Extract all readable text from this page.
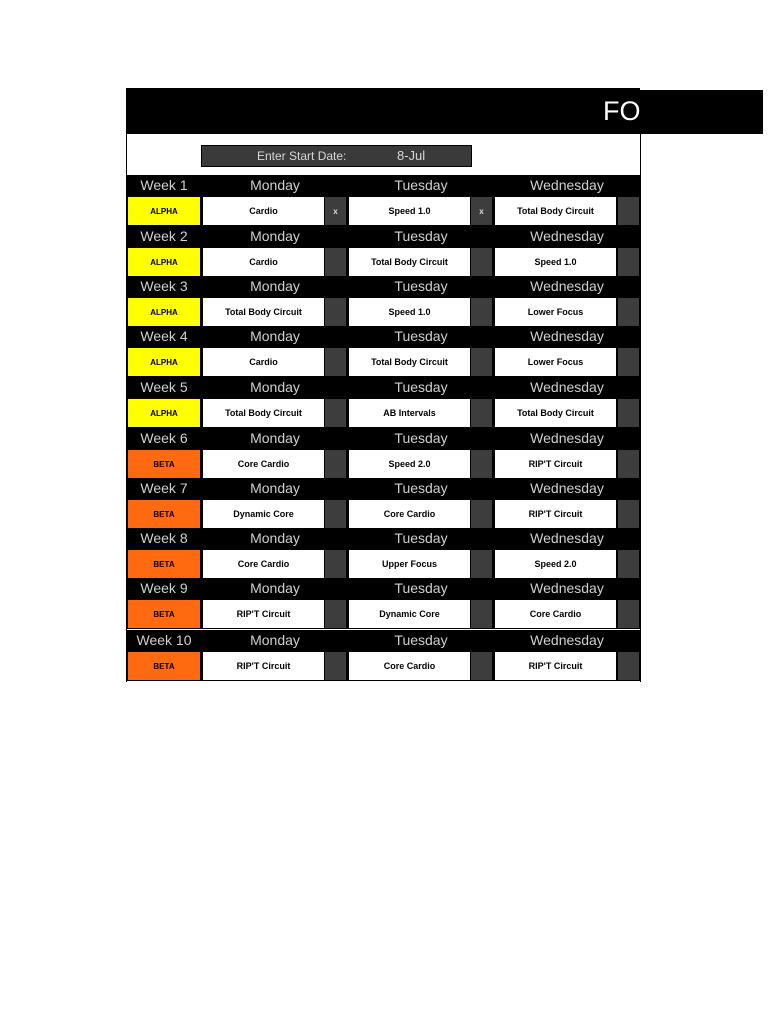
FO
Enter Start Date:	8-Jul
Week 1	Monday	Tuesday	Wednesday
ALPHA	Cardio	x	Speed 1.0	x	Total Body Circuit
Week 2	Monday	Tuesday	Wednesday
ALPHA	Cardio	Total Body Circuit	Speed 1.0
Week 3	Monday	Tuesday	Wednesday
ALPHA	Total Body Circuit	Speed 1.0	Lower Focus
Week 4	Monday	Tuesday	Wednesday
ALPHA	Cardio	Total Body Circuit	Lower Focus
Week 5	Monday	Tuesday	Wednesday
ALPHA	Total Body Circuit	AB Intervals	Total Body Circuit
Week 6	Monday	Tuesday	Wednesday
BETA	Core Cardio	Speed 2.0	RIP'T Circuit
Week 7	Monday	Tuesday	Wednesday
BETA	Dynamic Core	Core Cardio	RIP'T Circuit
Week 8	Monday	Tuesday	Wednesday
BETA	Core Cardio	Upper Focus	Speed 2.0
Week 9	Monday	Tuesday	Wednesday
BETA	RIP'T Circuit	Dynamic Core	Core Cardio
Week 10	Monday	Tuesday	Wednesday
BETA	RIP'T Circuit	Core Cardio	RIP'T Circuit
